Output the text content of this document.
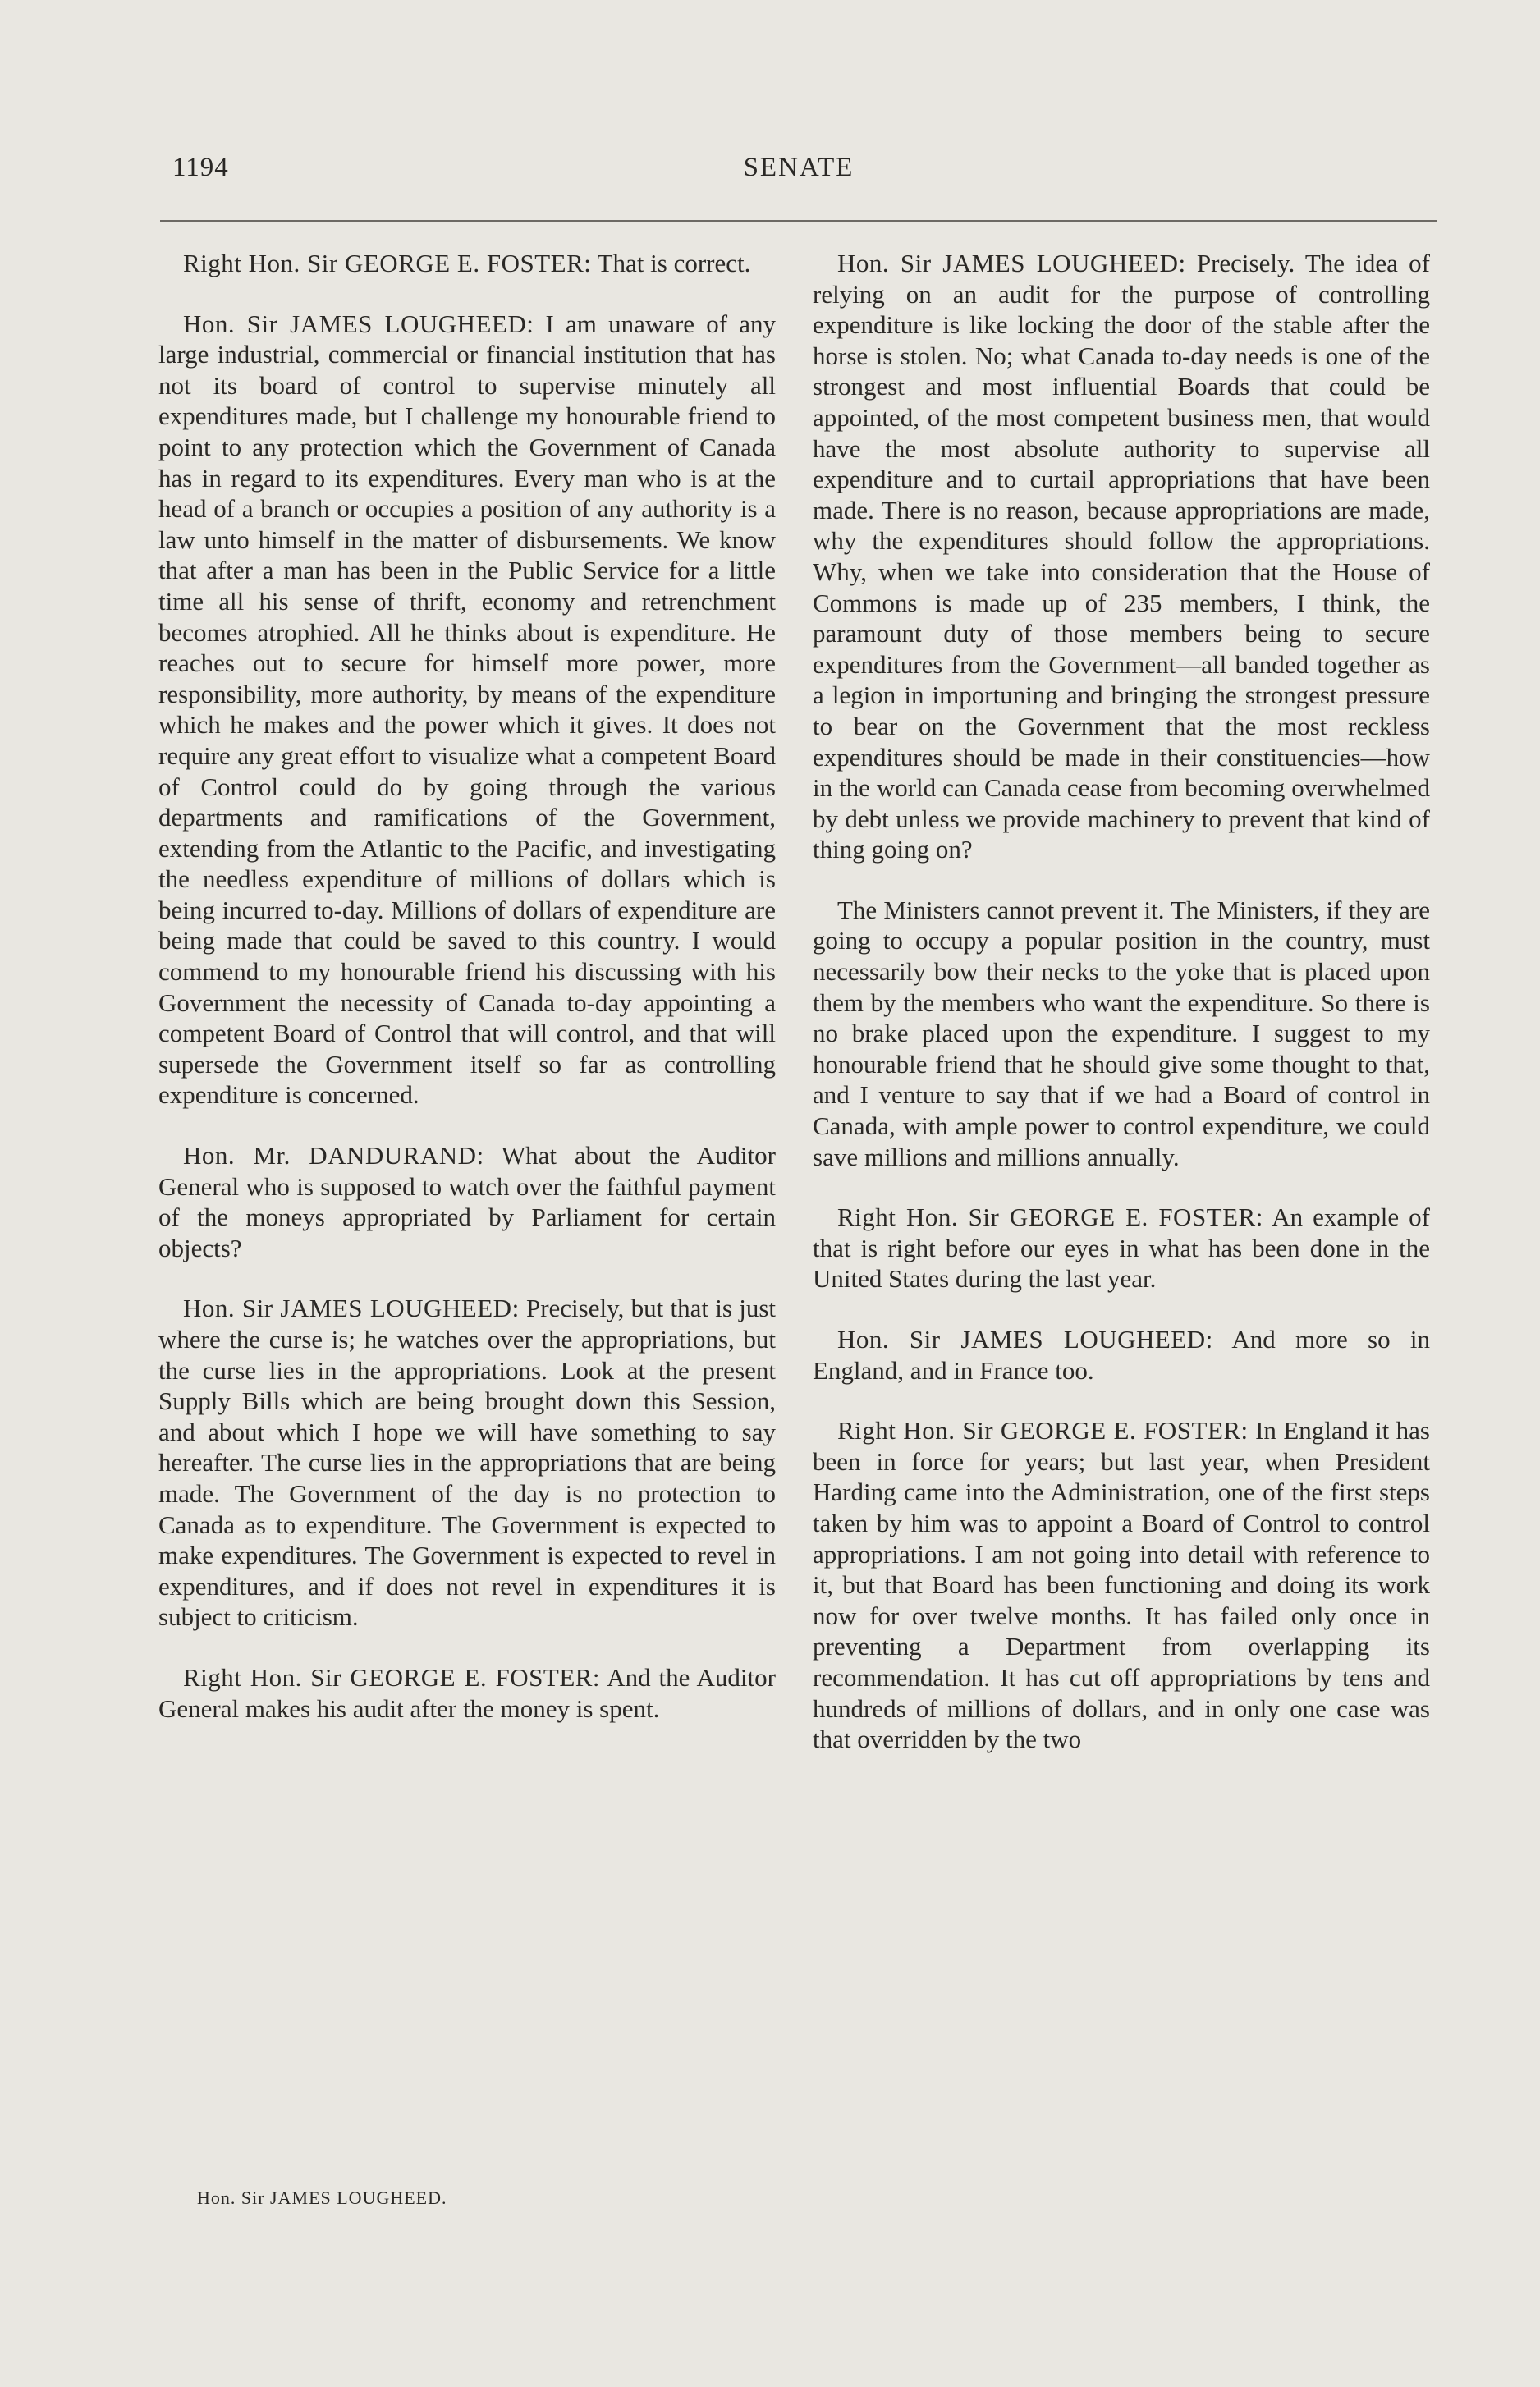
1194	SENATE

Right Hon. Sir GEORGE E. FOSTER: That is correct.

Hon. Sir JAMES LOUGHEED: I am unaware of any large industrial, commercial or financial institution that has not its board of control to supervise minutely all expenditures made, but I challenge my honourable friend to point to any protection which the Government of Canada has in regard to its expenditures. Every man who is at the head of a branch or occupies a position of any authority is a law unto himself in the matter of disbursements. We know that after a man has been in the Public Service for a little time all his sense of thrift, economy and retrenchment becomes atrophied. All he thinks about is expenditure. He reaches out to secure for himself more power, more responsibility, more authority, by means of the expenditure which he makes and the power which it gives. It does not require any great effort to visualize what a competent Board of Control could do by going through the various departments and ramifications of the Government, extending from the Atlantic to the Pacific, and investigating the needless expenditure of millions of dollars which is being incurred to-day. Millions of dollars of expenditure are being made that could be saved to this country. I would commend to my honourable friend his discussing with his Government the necessity of Canada to-day appointing a competent Board of Control that will control, and that will supersede the Government itself so far as controlling expenditure is concerned.

Hon. Mr. DANDURAND: What about the Auditor General who is supposed to watch over the faithful payment of the moneys appropriated by Parliament for certain objects?

Hon. Sir JAMES LOUGHEED: Precisely, but that is just where the curse is; he watches over the appropriations, but the curse lies in the appropriations. Look at the present Supply Bills which are being brought down this Session, and about which I hope we will have something to say hereafter. The curse lies in the appropriations that are being made. The Government of the day is no protection to Canada as to expenditure. The Government is expected to make expenditures. The Government is expected to revel in expenditures, and if does not revel in expenditures it is subject to criticism.

Right Hon. Sir GEORGE E. FOSTER: And the Auditor General makes his audit after the money is spent.

Hon. Sir JAMES LOUGHEED.

Hon. Sir JAMES LOUGHEED: Precisely. The idea of relying on an audit for the purpose of controlling expenditure is like locking the door of the stable after the horse is stolen. No; what Canada to-day needs is one of the strongest and most influential Boards that could be appointed, of the most competent business men, that would have the most absolute authority to supervise all expenditure and to curtail appropriations that have been made. There is no reason, because appropriations are made, why the expenditures should follow the appropriations. Why, when we take into consideration that the House of Commons is made up of 235 members, I think, the paramount duty of those members being to secure expenditures from the Government—all banded together as a legion in importuning and bringing the strongest pressure to bear on the Government that the most reckless expenditures should be made in their constituencies—how in the world can Canada cease from becoming overwhelmed by debt unless we provide machinery to prevent that kind of thing going on?

The Ministers cannot prevent it. The Ministers, if they are going to occupy a popular position in the country, must necessarily bow their necks to the yoke that is placed upon them by the members who want the expenditure. So there is no brake placed upon the expenditure. I suggest to my honourable friend that he should give some thought to that, and I venture to say that if we had a Board of control in Canada, with ample power to control expenditure, we could save millions and millions annually.

Right Hon. Sir GEORGE E. FOSTER: An example of that is right before our eyes in what has been done in the United States during the last year.

Hon. Sir JAMES LOUGHEED: And more so in England, and in France too.

Right Hon. Sir GEORGE E. FOSTER: In England it has been in force for years; but last year, when President Harding came into the Administration, one of the first steps taken by him was to appoint a Board of Control to control appropriations. I am not going into detail with reference to it, but that Board has been functioning and doing its work now for over twelve months. It has failed only once in preventing a Department from overlapping its recommendation. It has cut off appropriations by tens and hundreds of millions of dollars, and in only one case was that overridden by the two
